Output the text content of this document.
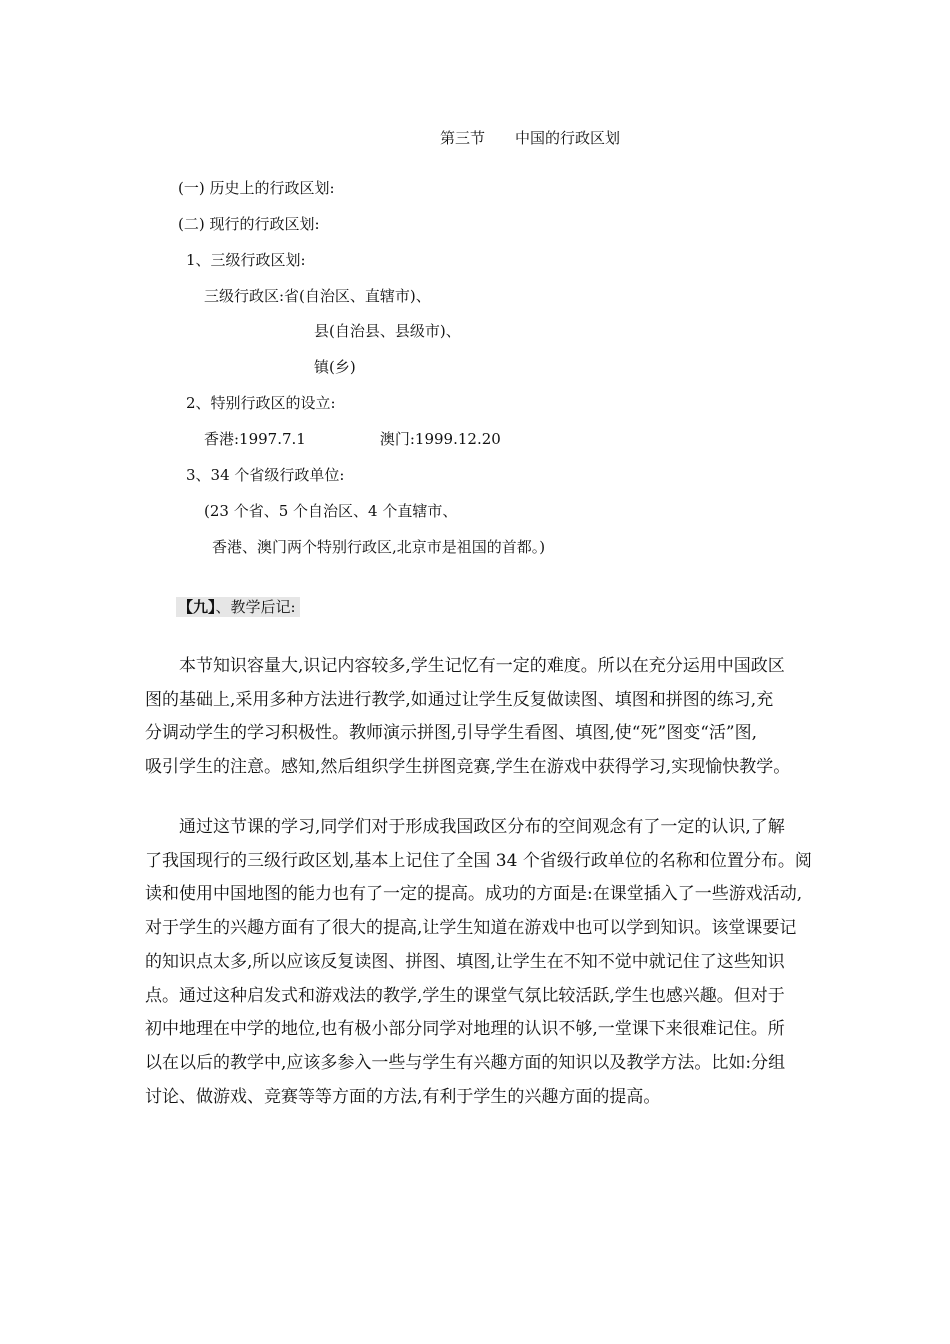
第三节 中国的行政区划
(一) 历史上的行政区划:
(二) 现行的行政区划:
1、三级行政区划:
三级行政区:省(自治区、直辖市)、
县(自治县、县级市)、
镇(乡)
2、特别行政区的设立:
香港:1997.7.1	澳门:1999.12.20
3、34 个省级行政单位:
(23 个省、5 个自治区、4 个直辖市、
香港、澳门两个特别行政区,北京市是祖国的首都。)
【九】、教学后记:
本节知识容量大,识记内容较多,学生记忆有一定的难度。所以在充分运用中国政区
图的基础上,采用多种方法进行教学,如通过让学生反复做读图、填图和拼图的练习,充
分调动学生的学习积极性。教师演示拼图,引导学生看图、填图,使“死”图变“活”图,
吸引学生的注意。感知,然后组织学生拼图竞赛,学生在游戏中获得学习,实现愉快教学。
通过这节课的学习,同学们对于形成我国政区分布的空间观念有了一定的认识,了解
了我国现行的三级行政区划,基本上记住了全国 34 个省级行政单位的名称和位置分布。阅
读和使用中国地图的能力也有了一定的提高。成功的方面是:在课堂插入了一些游戏活动,
对于学生的兴趣方面有了很大的提高,让学生知道在游戏中也可以学到知识。该堂课要记
的知识点太多,所以应该反复读图、拼图、填图,让学生在不知不觉中就记住了这些知识
点。通过这种启发式和游戏法的教学,学生的课堂气氛比较活跃,学生也感兴趣。但对于
初中地理在中学的地位,也有极小部分同学对地理的认识不够,一堂课下来很难记住。所
以在以后的教学中,应该多参入一些与学生有兴趣方面的知识以及教学方法。比如:分组
讨论、做游戏、竞赛等等方面的方法,有利于学生的兴趣方面的提高。
